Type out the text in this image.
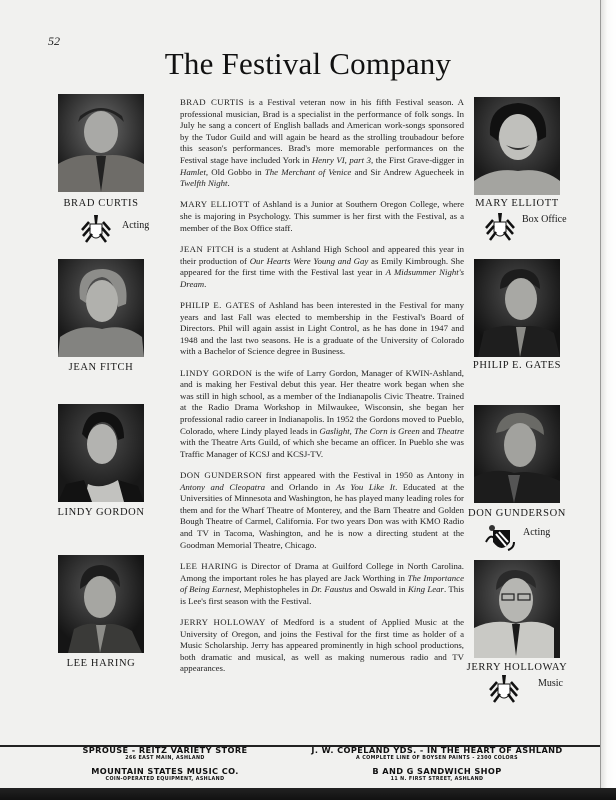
52
The Festival Company
BRAD CURTIS
Acting
JEAN FITCH
LINDY GORDON
LEE HARING
MARY ELLIOTT
Box Office
PHILIP E. GATES
DON GUNDERSON
Acting
JERRY HOLLOWAY
Music

BRAD CURTIS is a Festival veteran now in his fifth Festival season. A professional musician, Brad is a specialist in the performance of folk songs. In July he sang a concert of English ballads and American work-songs sponsored by the Tudor Guild and will again be heard as the strolling troubadour before this season's performances. Brad's more memorable performances on the Festival stage have included York in Henry VI, part 3, the First Grave-digger in Hamlet, Old Gobbo in The Merchant of Venice and Sir Andrew Aguecheek in Twelfth Night.

MARY ELLIOTT of Ashland is a Junior at Southern Oregon College, where she is majoring in Psychology. This summer is her first with the Festival, as a member of the Box Office staff.

JEAN FITCH is a student at Ashland High School and appeared this year in their production of Our Hearts Were Young and Gay as Emily Kimbrough. She appeared for the first time with the Festival last year in A Midsummer Night's Dream.

PHILIP E. GATES of Ashland has been interested in the Festival for many years and last Fall was elected to membership in the Festival's Board of Directors. Phil will again assist in Light Control, as he has done in 1947 and 1948 and the last two seasons. He is a graduate of the University of Colorado with a Bachelor of Science degree in Business.

LINDY GORDON is the wife of Larry Gordon, Manager of KWIN-Ashland, and is making her Festival debut this year. Her theatre work began when she was still in high school, as a member of the Indianapolis Civic Theatre. Trained at the Radio Drama Workshop in Milwaukee, Wisconsin, she began her professional radio career in Indianapolis. In 1952 the Gordons moved to Pueblo, Colorado, where Lindy played leads in Gaslight, The Corn is Green and Theatre with the Theatre Arts Guild, of which she became an officer. In Pueblo she was Traffic Manager of KCSJ and KCSJ-TV.

DON GUNDERSON first appeared with the Festival in 1950 as Antony in Antony and Cleopatra and Orlando in As You Like It. Educated at the Universities of Minnesota and Washington, he has played many leading roles for them and for the Wharf Theatre of Monterey, and the Barn Theatre and Golden Bough Theatre of Carmel, California. For two years Don was with KMO Radio and TV in Tacoma, Washington, and he is now a directing student at the Goodman Memorial Theatre, Chicago.

LEE HARING is Director of Drama at Guilford College in North Carolina. Among the important roles he has played are Jack Worthing in The Importance of Being Earnest, Mephistopheles in Dr. Faustus and Oswald in King Lear. This is Lee's first season with the Festival.

JERRY HOLLOWAY of Medford is a student of Applied Music at the University of Oregon, and joins the Festival for the first time as holder of a Music Scholarship. Jerry has appeared prominently in high school productions, both dramatic and musical, as well as making numerous radio and TV appearances.

SPROUSE - REITZ VARIETY STORE
266 EAST MAIN, ASHLAND
J. W. COPELAND YDS. - IN THE HEART OF ASHLAND
A COMPLETE LINE OF BOYSEN PAINTS - 2300 COLORS
MOUNTAIN STATES MUSIC CO.
COIN-OPERATED EQUIPMENT, ASHLAND
B AND G SANDWICH SHOP
11 N. FIRST STREET, ASHLAND
